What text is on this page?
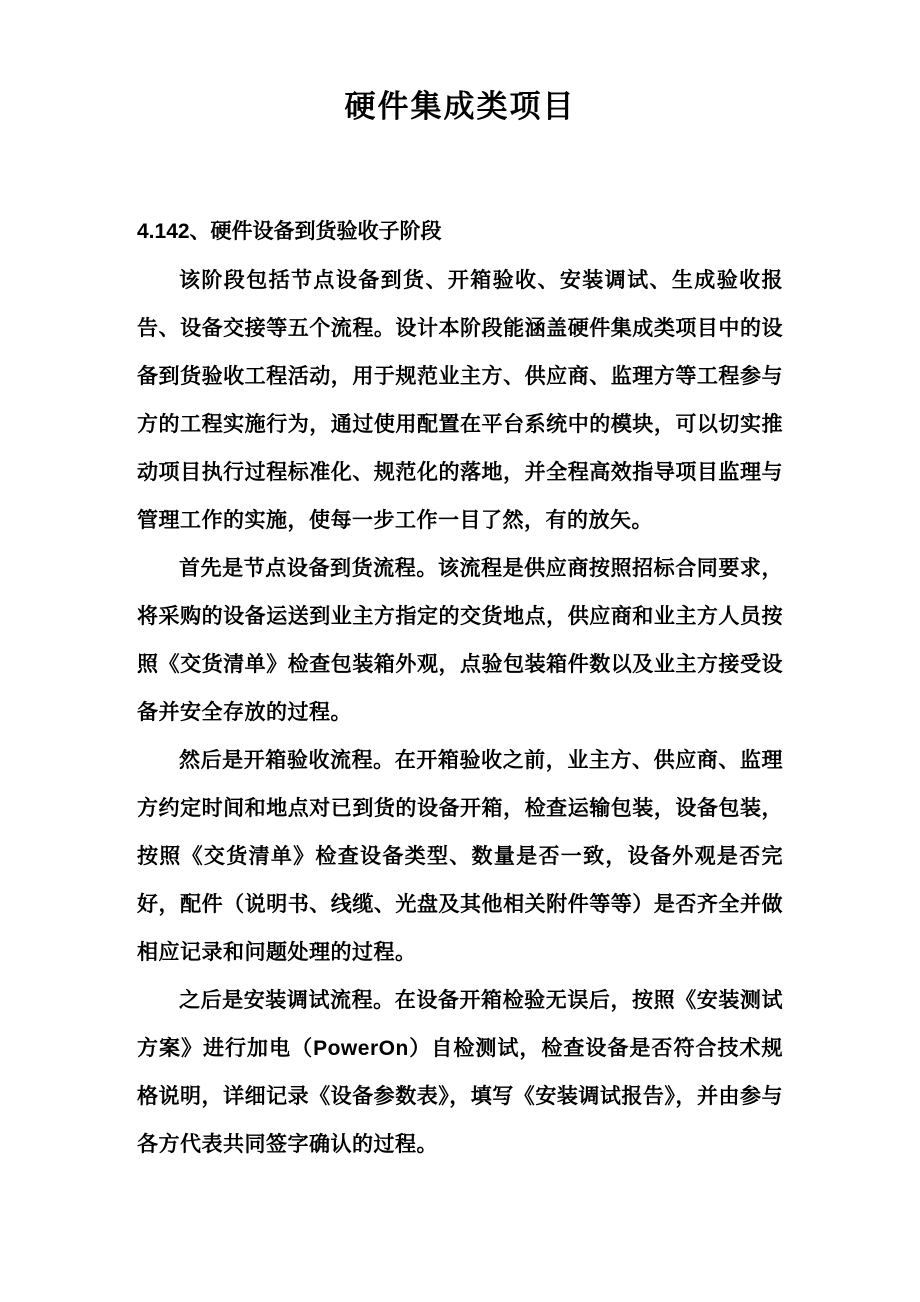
硬件集成类项目
4.142、硬件设备到货验收子阶段

该阶段包括节点设备到货、开箱验收、安装调试、生成验收报告、设备交接等五个流程。设计本阶段能涵盖硬件集成类项目中的设备到货验收工程活动，用于规范业主方、供应商、监理方等工程参与方的工程实施行为，通过使用配置在平台系统中的模块，可以切实推动项目执行过程标准化、规范化的落地，并全程高效指导项目监理与管理工作的实施，使每一步工作一目了然，有的放矢。

首先是节点设备到货流程。该流程是供应商按照招标合同要求，将采购的设备运送到业主方指定的交货地点，供应商和业主方人员按照《交货清单》检查包装箱外观，点验包装箱件数以及业主方接受设备并安全存放的过程。

然后是开箱验收流程。在开箱验收之前，业主方、供应商、监理方约定时间和地点对已到货的设备开箱，检查运输包装，设备包装，按照《交货清单》检查设备类型、数量是否一致，设备外观是否完好，配件（说明书、线缆、光盘及其他相关附件等等）是否齐全并做相应记录和问题处理的过程。

之后是安装调试流程。在设备开箱检验无误后，按照《安装测试方案》进行加电（PowerOn）自检测试，检查设备是否符合技术规格说明，详细记录《设备参数表》，填写《安装调试报告》，并由参与各方代表共同签字确认的过程。
